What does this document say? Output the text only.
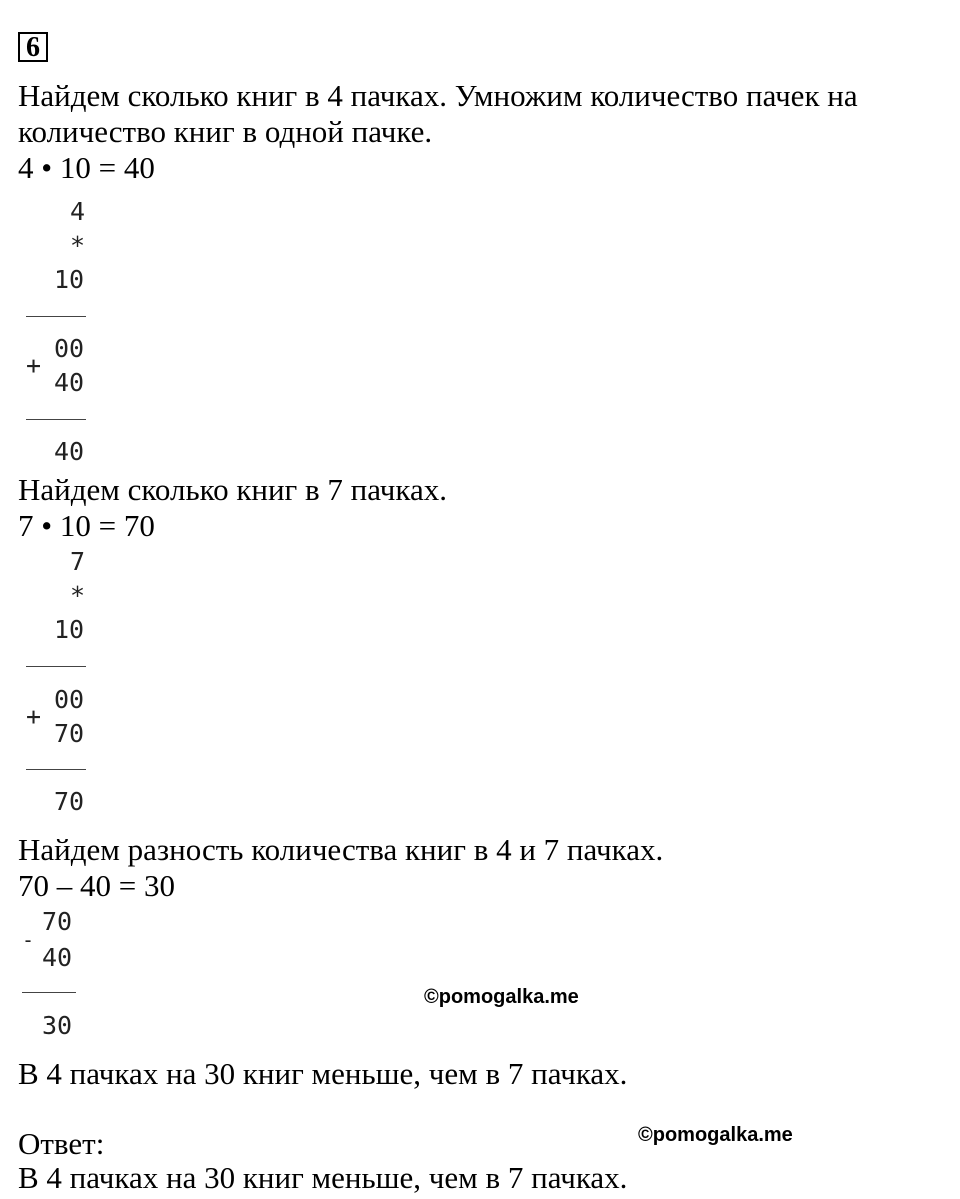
6
Найдем сколько книг в 4 пачках. Умножим количество пачек на
количество книг в одной пачке.
4 • 10 = 40
4
*
10
+
00
40
40
Найдем сколько книг в 7 пачках.
7 • 10 = 70
7
*
10
+
00
70
70
Найдем разность количества книг в 4 и 7 пачках.
70 – 40 = 30
-
70
40
30
©pomogalka.me
В 4 пачках на 30 книг меньше, чем в 7 пачках.
Ответ:	©pomogalka.me
В 4 пачках на 30 книг меньше, чем в 7 пачках.
